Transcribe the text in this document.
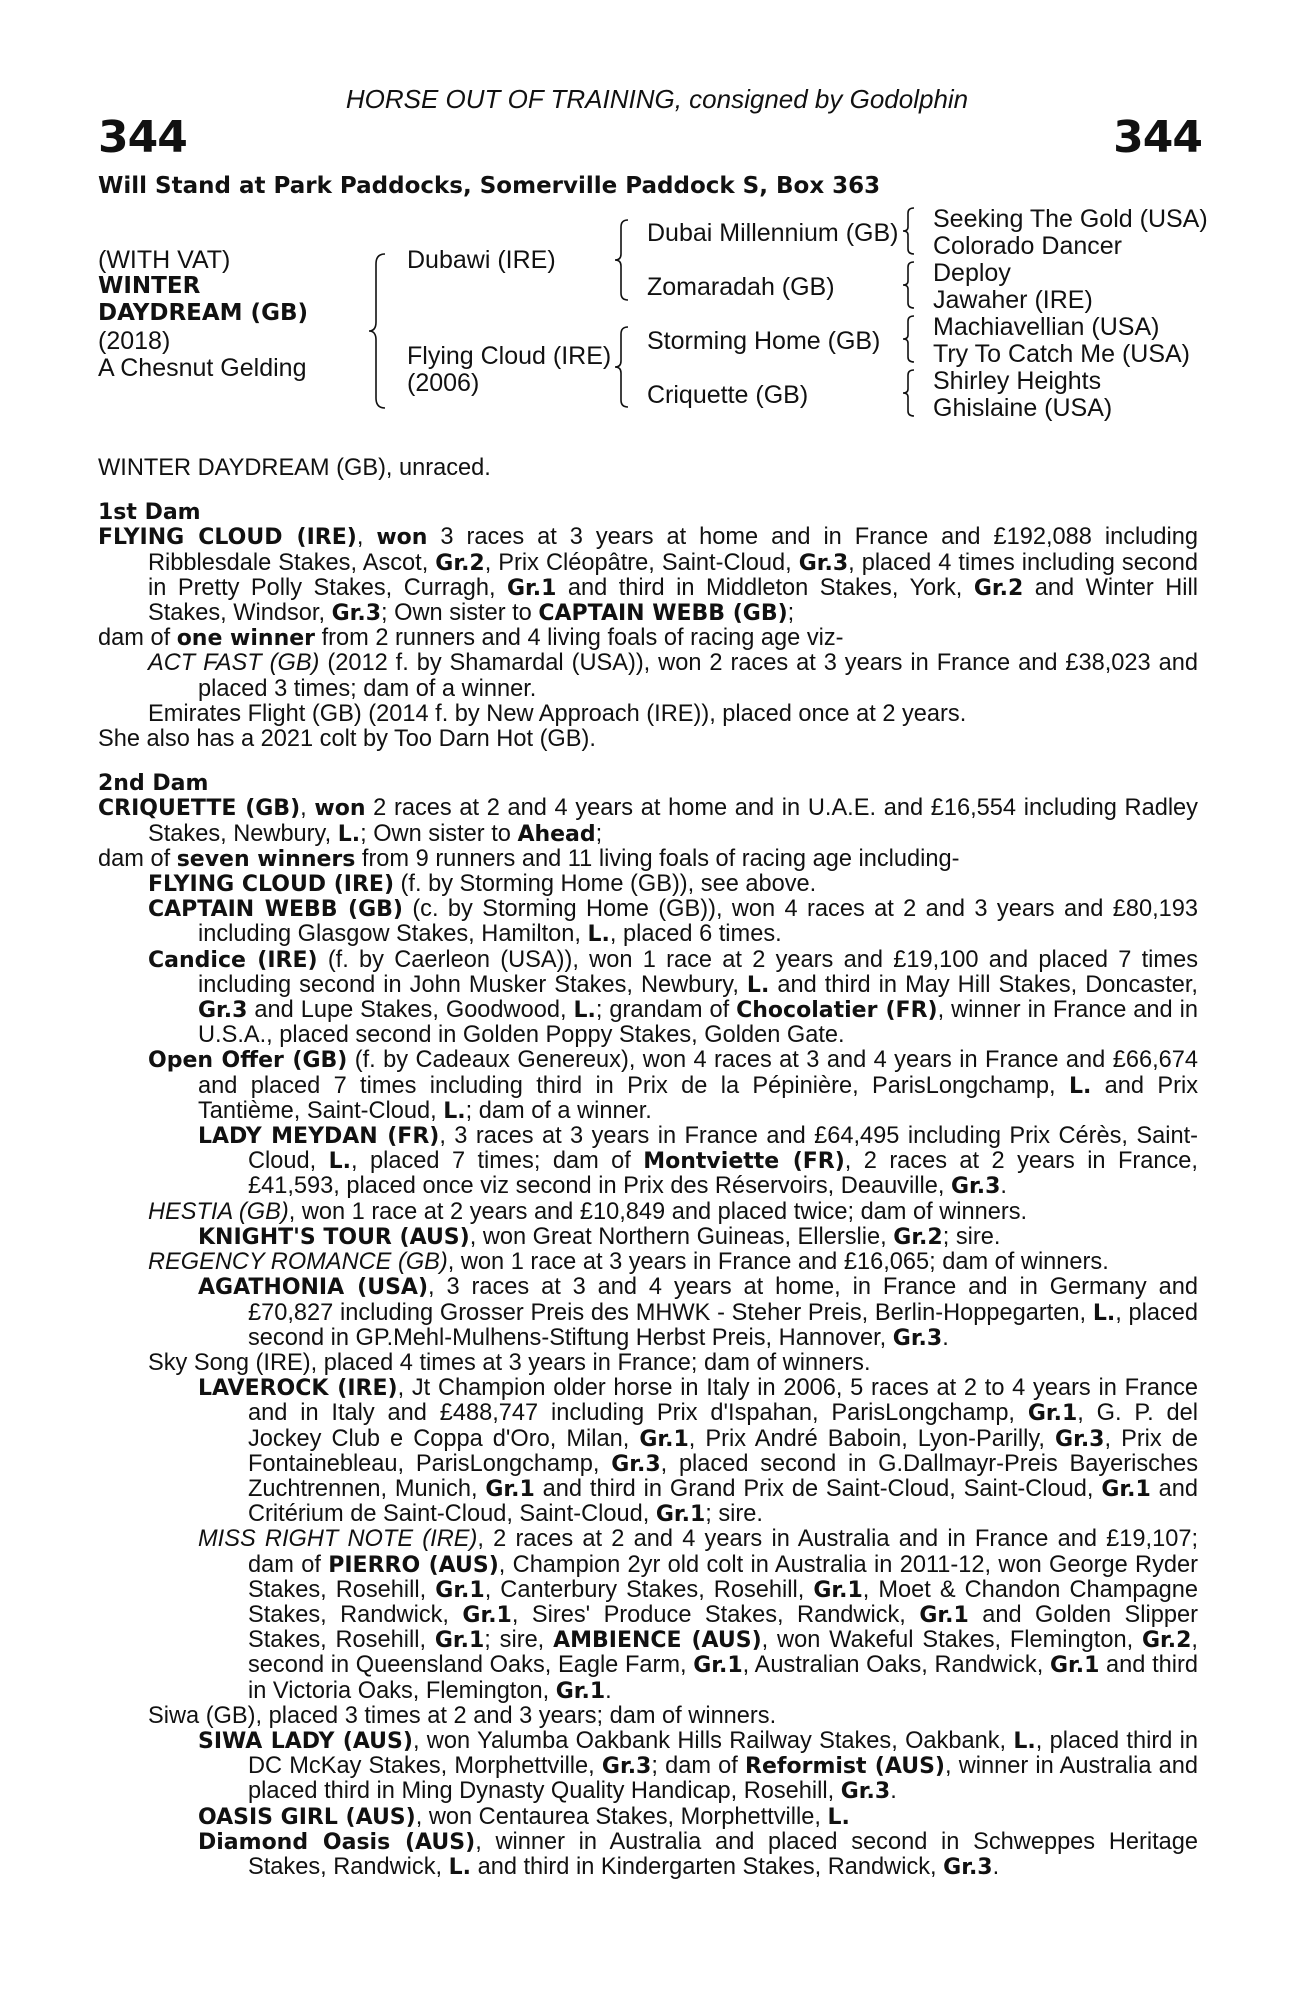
HORSE OUT OF TRAINING, consigned by Godolphin
344	344
Will Stand at Park Paddocks, Somerville Paddock S, Box 363
(WITH VAT)
WINTER
DAYDREAM (GB)
(2018)
A Chesnut Gelding
Dubawi (IRE)
Flying Cloud (IRE)
(2006)
Dubai Millennium (GB)
Zomaradah (GB)
Storming Home (GB)
Criquette (GB)
Seeking The Gold (USA)
Colorado Dancer
Deploy
Jawaher (IRE)
Machiavellian (USA)
Try To Catch Me (USA)
Shirley Heights
Ghislaine (USA)

WINTER DAYDREAM (GB), unraced.

1st Dam

FLYING CLOUD (IRE), won 3 races at 3 years at home and in France and £192,088 including Ribblesdale Stakes, Ascot, Gr.2, Prix Cléopâtre, Saint-Cloud, Gr.3, placed 4 times including second in Pretty Polly Stakes, Curragh, Gr.1 and third in Middleton Stakes, York, Gr.2 and Winter Hill Stakes, Windsor, Gr.3; Own sister to CAPTAIN WEBB (GB);

dam of one winner from 2 runners and 4 living foals of racing age viz-

ACT FAST (GB) (2012 f. by Shamardal (USA)), won 2 races at 3 years in France and £38,023 and placed 3 times; dam of a winner.

Emirates Flight (GB) (2014 f. by New Approach (IRE)), placed once at 2 years.

She also has a 2021 colt by Too Darn Hot (GB).

2nd Dam

CRIQUETTE (GB), won 2 races at 2 and 4 years at home and in U.A.E. and £16,554 including Radley Stakes, Newbury, L.; Own sister to Ahead;

dam of seven winners from 9 runners and 11 living foals of racing age including-

FLYING CLOUD (IRE) (f. by Storming Home (GB)), see above.

CAPTAIN WEBB (GB) (c. by Storming Home (GB)), won 4 races at 2 and 3 years and £80,193 including Glasgow Stakes, Hamilton, L., placed 6 times.

Candice (IRE) (f. by Caerleon (USA)), won 1 race at 2 years and £19,100 and placed 7 times including second in John Musker Stakes, Newbury, L. and third in May Hill Stakes, Doncaster, Gr.3 and Lupe Stakes, Goodwood, L.; grandam of Chocolatier (FR), winner in France and in U.S.A., placed second in Golden Poppy Stakes, Golden Gate.

Open Offer (GB) (f. by Cadeaux Genereux), won 4 races at 3 and 4 years in France and £66,674 and placed 7 times including third in Prix de la Pépinière, ParisLongchamp, L. and Prix Tantième, Saint-Cloud, L.; dam of a winner.

LADY MEYDAN (FR), 3 races at 3 years in France and £64,495 including Prix Cérès, Saint-Cloud, L., placed 7 times; dam of Montviette (FR), 2 races at 2 years in France, £41,593, placed once viz second in Prix des Réservoirs, Deauville, Gr.3.

HESTIA (GB), won 1 race at 2 years and £10,849 and placed twice; dam of winners.

KNIGHT'S TOUR (AUS), won Great Northern Guineas, Ellerslie, Gr.2; sire.

REGENCY ROMANCE (GB), won 1 race at 3 years in France and £16,065; dam of winners.

AGATHONIA (USA), 3 races at 3 and 4 years at home, in France and in Germany and £70,827 including Grosser Preis des MHWK - Steher Preis, Berlin-Hoppegarten, L., placed second in GP.Mehl-Mulhens-Stiftung Herbst Preis, Hannover, Gr.3.

Sky Song (IRE), placed 4 times at 3 years in France; dam of winners.

LAVEROCK (IRE), Jt Champion older horse in Italy in 2006, 5 races at 2 to 4 years in France and in Italy and £488,747 including Prix d'Ispahan, ParisLongchamp, Gr.1, G. P. del Jockey Club e Coppa d'Oro, Milan, Gr.1, Prix André Baboin, Lyon-Parilly, Gr.3, Prix de Fontainebleau, ParisLongchamp, Gr.3, placed second in G.Dallmayr-Preis Bayerisches Zuchtrennen, Munich, Gr.1 and third in Grand Prix de Saint-Cloud, Saint-Cloud, Gr.1 and Critérium de Saint-Cloud, Saint-Cloud, Gr.1; sire.

MISS RIGHT NOTE (IRE), 2 races at 2 and 4 years in Australia and in France and £19,107; dam of PIERRO (AUS), Champion 2yr old colt in Australia in 2011-12, won George Ryder Stakes, Rosehill, Gr.1, Canterbury Stakes, Rosehill, Gr.1, Moet & Chandon Champagne Stakes, Randwick, Gr.1, Sires' Produce Stakes, Randwick, Gr.1 and Golden Slipper Stakes, Rosehill, Gr.1; sire, AMBIENCE (AUS), won Wakeful Stakes, Flemington, Gr.2, second in Queensland Oaks, Eagle Farm, Gr.1, Australian Oaks, Randwick, Gr.1 and third in Victoria Oaks, Flemington, Gr.1.

Siwa (GB), placed 3 times at 2 and 3 years; dam of winners.

SIWA LADY (AUS), won Yalumba Oakbank Hills Railway Stakes, Oakbank, L., placed third in DC McKay Stakes, Morphettville, Gr.3; dam of Reformist (AUS), winner in Australia and placed third in Ming Dynasty Quality Handicap, Rosehill, Gr.3.

OASIS GIRL (AUS), won Centaurea Stakes, Morphettville, L.

Diamond Oasis (AUS), winner in Australia and placed second in Schweppes Heritage Stakes, Randwick, L. and third in Kindergarten Stakes, Randwick, Gr.3.
